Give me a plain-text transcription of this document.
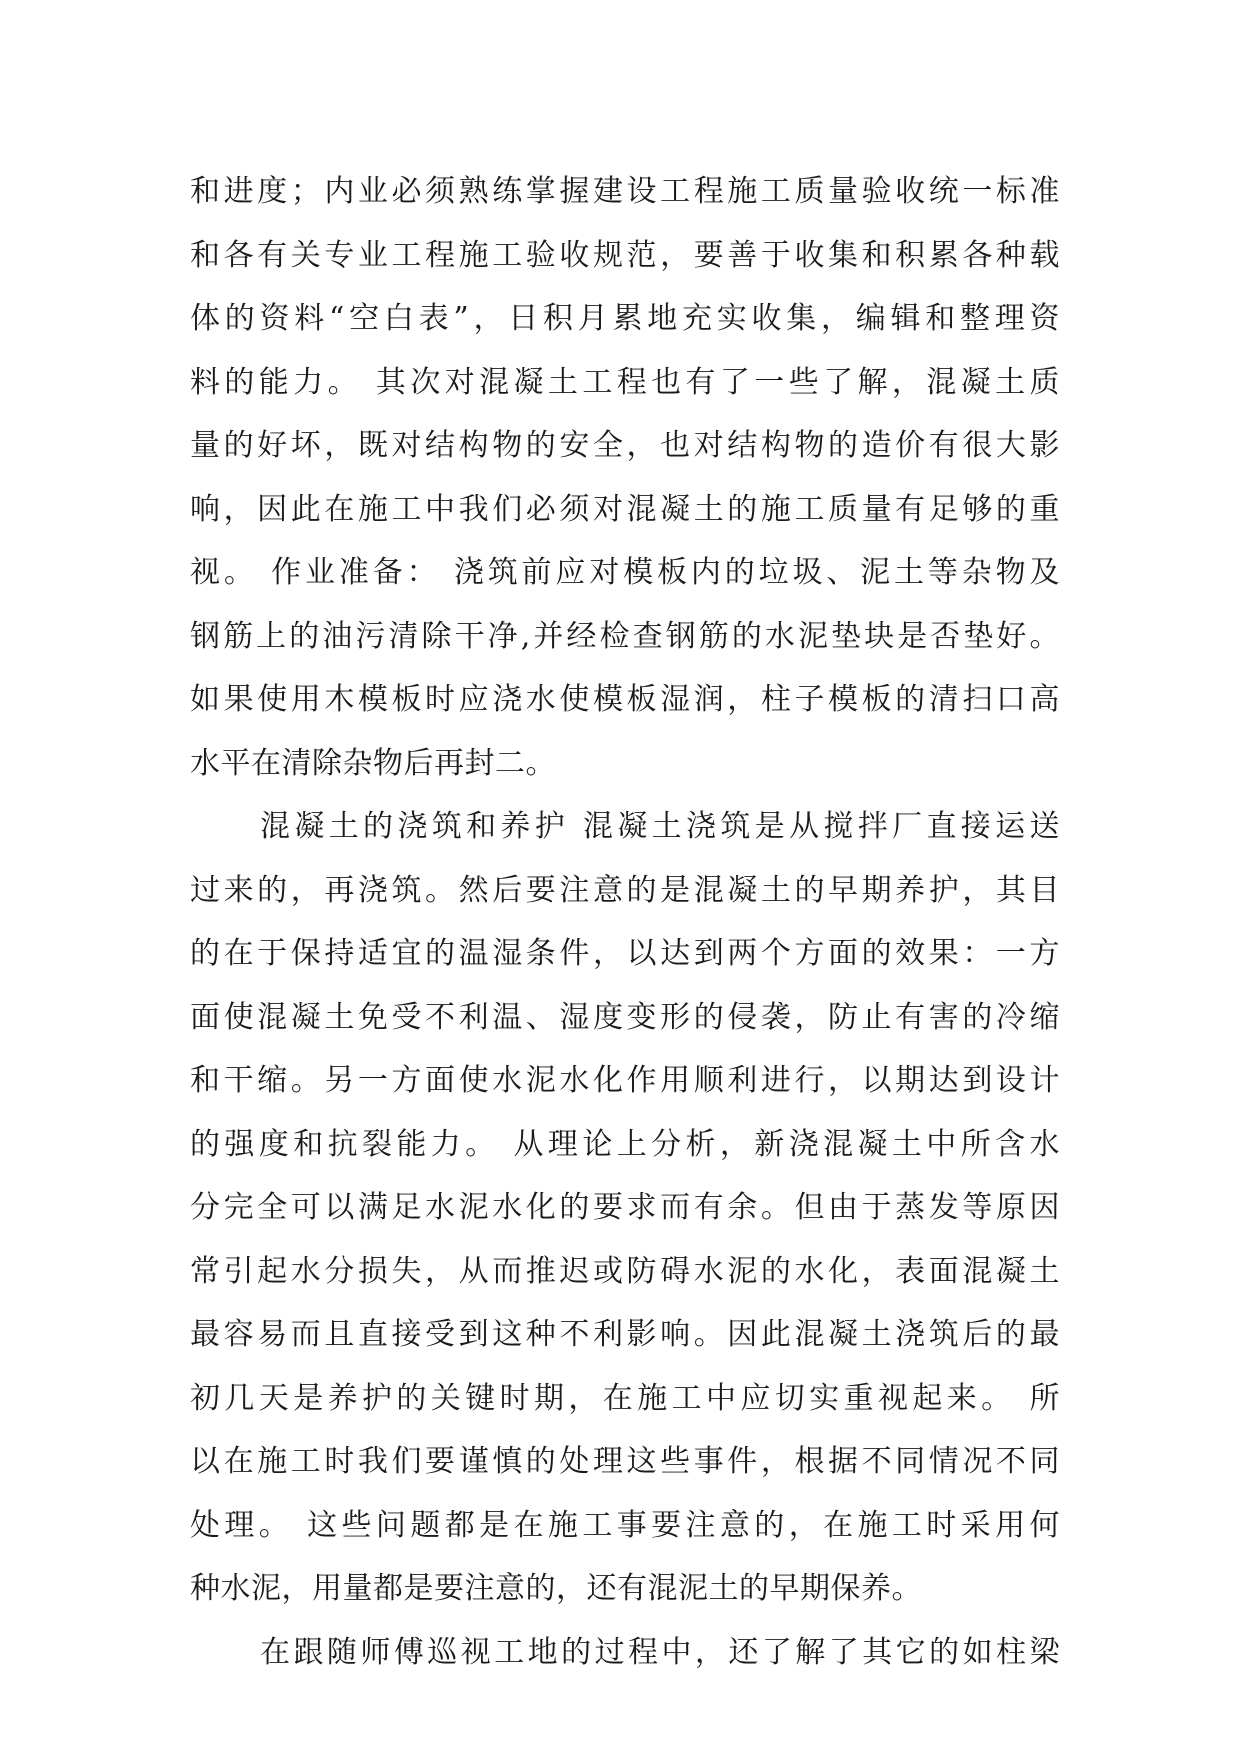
和进度；内业必须熟练掌握建设工程施工质量验收统一标准
和各有关专业工程施工验收规范，要善于收集和积累各种载
体的资料“空白表”，日积月累地充实收集，编辑和整理资
料的能力。 其次对混凝土工程也有了一些了解，混凝土质
量的好坏，既对结构物的安全，也对结构物的造价有很大影
响，因此在施工中我们必须对混凝土的施工质量有足够的重
视。 作业准备： 浇筑前应对模板内的垃圾、泥土等杂物及
钢筋上的油污清除干净,并经检查钢筋的水泥垫块是否垫好。
如果使用木模板时应浇水使模板湿润，柱子模板的清扫口高
水平在清除杂物后再封二。
混凝土的浇筑和养护 混凝土浇筑是从搅拌厂直接运送
过来的，再浇筑。然后要注意的是混凝土的早期养护，其目
的在于保持适宜的温湿条件，以达到两个方面的效果：一方
面使混凝土免受不利温、湿度变形的侵袭，防止有害的冷缩
和干缩。另一方面使水泥水化作用顺利进行，以期达到设计
的强度和抗裂能力。 从理论上分析，新浇混凝土中所含水
分完全可以满足水泥水化的要求而有余。但由于蒸发等原因
常引起水分损失，从而推迟或防碍水泥的水化，表面混凝土
最容易而且直接受到这种不利影响。因此混凝土浇筑后的最
初几天是养护的关键时期，在施工中应切实重视起来。 所
以在施工时我们要谨慎的处理这些事件，根据不同情况不同
处理。 这些问题都是在施工事要注意的，在施工时采用何
种水泥，用量都是要注意的，还有混泥土的早期保养。
在跟随师傅巡视工地的过程中，还了解了其它的如柱梁
